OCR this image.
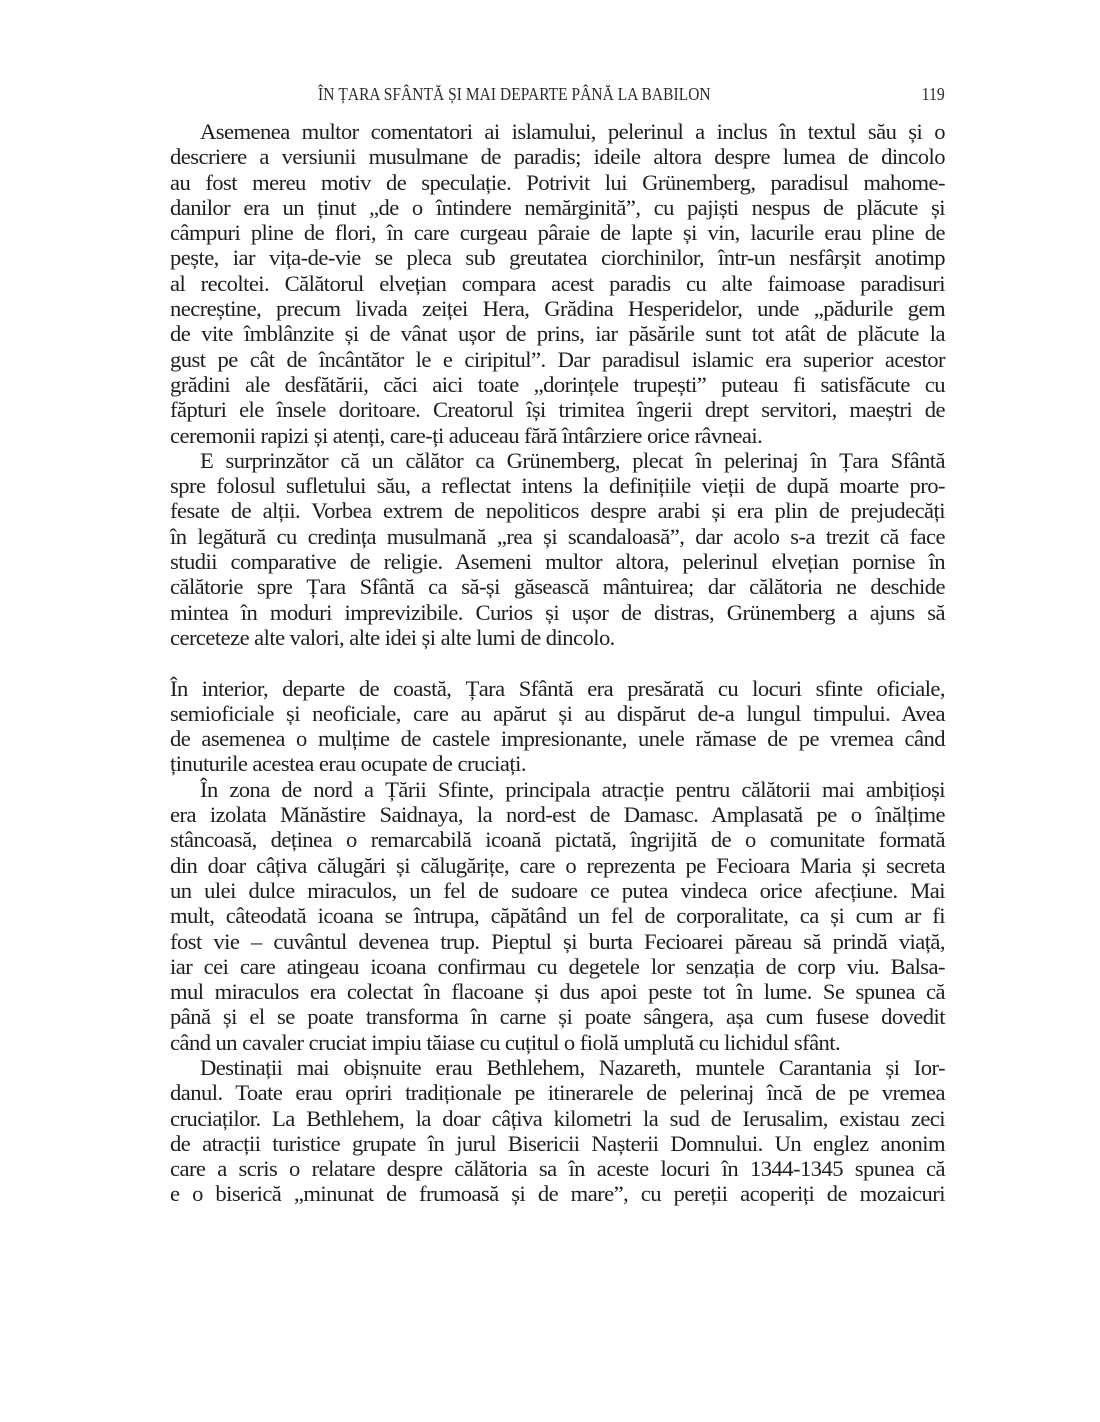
ÎN ȚARA SFÂNTĂ ȘI MAI DEPARTE PÂNĂ LA BABILON	119
Asemenea multor comentatori ai islamului, pelerinul a inclus în textul său și o
descriere a versiunii musulmane de paradis; ideile altora despre lumea de dincolo
au fost mereu motiv de speculație. Potrivit lui Grünemberg, paradisul mahome-
danilor era un ținut „de o întindere nemărginită”, cu pajiști nespus de plăcute și
câmpuri pline de flori, în care curgeau pâraie de lapte și vin, lacurile erau pline de
pește, iar vița-de-vie se pleca sub greutatea ciorchinilor, într-un nesfârșit anotimp
al recoltei. Călătorul elvețian compara acest paradis cu alte faimoase paradisuri
necreștine, precum livada zeiței Hera, Grădina Hesperidelor, unde „pădurile gem
de vite îmblânzite și de vânat ușor de prins, iar păsările sunt tot atât de plăcute la
gust pe cât de încântător le e ciripitul”. Dar paradisul islamic era superior acestor
grădini ale desfătării, căci aici toate „dorințele trupești” puteau fi satisfăcute cu
făpturi ele însele doritoare. Creatorul își trimitea îngerii drept servitori, maeștri de
ceremonii rapizi și atenți, care-ți aduceau fără întârziere orice râvneai.
E surprinzător că un călător ca Grünemberg, plecat în pelerinaj în Țara Sfântă
spre folosul sufletului său, a reflectat intens la definițiile vieții de după moarte pro-
fesate de alții. Vorbea extrem de nepoliticos despre arabi și era plin de prejudecăți
în legătură cu credința musulmană „rea și scandaloasă”, dar acolo s-a trezit că face
studii comparative de religie. Asemeni multor altora, pelerinul elvețian pornise în
călătorie spre Țara Sfântă ca să-și găsească mântuirea; dar călătoria ne deschide
mintea în moduri imprevizibile. Curios și ușor de distras, Grünemberg a ajuns să
cerceteze alte valori, alte idei și alte lumi de dincolo.
În interior, departe de coastă, Țara Sfântă era presărată cu locuri sfinte oficiale,
semioficiale și neoficiale, care au apărut și au dispărut de-a lungul timpului. Avea
de asemenea o mulțime de castele impresionante, unele rămase de pe vremea când
ținuturile acestea erau ocupate de cruciați.
În zona de nord a Țării Sfinte, principala atracție pentru călătorii mai ambițioși
era izolata Mănăstire Saidnaya, la nord-est de Damasc. Amplasată pe o înălțime
stâncoasă, deținea o remarcabilă icoană pictată, îngrijită de o comunitate formată
din doar câțiva călugări și călugărițe, care o reprezenta pe Fecioara Maria și secreta
un ulei dulce miraculos, un fel de sudoare ce putea vindeca orice afecțiune. Mai
mult, câteodată icoana se întrupa, căpătând un fel de corporalitate, ca și cum ar fi
fost vie – cuvântul devenea trup. Pieptul și burta Fecioarei păreau să prindă viață,
iar cei care atingeau icoana confirmau cu degetele lor senzația de corp viu. Balsa-
mul miraculos era colectat în flacoane și dus apoi peste tot în lume. Se spunea că
până și el se poate transforma în carne și poate sângera, așa cum fusese dovedit
când un cavaler cruciat impiu tăiase cu cuțitul o fiolă umplută cu lichidul sfânt.
Destinații mai obișnuite erau Bethlehem, Nazareth, muntele Carantania și Ior-
danul. Toate erau opriri tradiționale pe itinerarele de pelerinaj încă de pe vremea
cruciaților. La Bethlehem, la doar câțiva kilometri la sud de Ierusalim, existau zeci
de atracții turistice grupate în jurul Bisericii Nașterii Domnului. Un englez anonim
care a scris o relatare despre călătoria sa în aceste locuri în 1344-1345 spunea că
e o biserică „minunat de frumoasă și de mare”, cu pereții acoperiți de mozaicuri
